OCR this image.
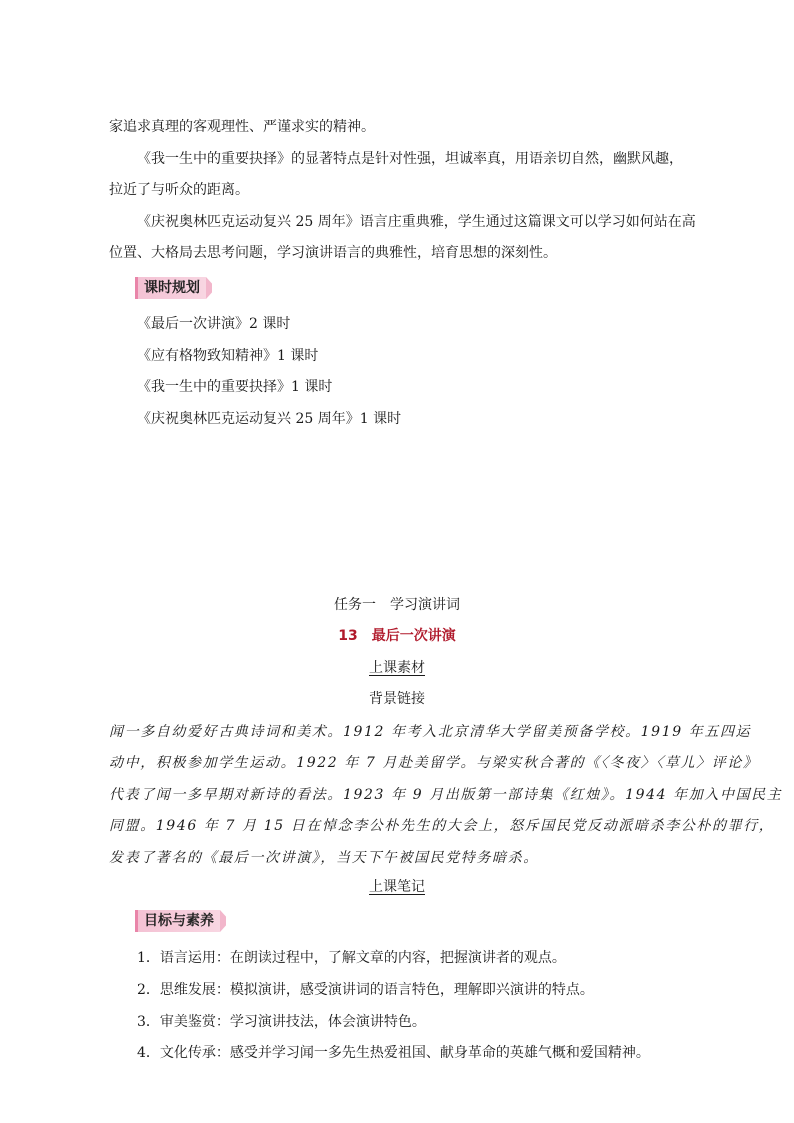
家追求真理的客观理性、严谨求实的精神。
《我一生中的重要抉择》的显著特点是针对性强，坦诚率真，用语亲切自然，幽默风趣，
拉近了与听众的距离。
《庆祝奥林匹克运动复兴 25 周年》语言庄重典雅，学生通过这篇课文可以学习如何站在高
位置、大格局去思考问题，学习演讲语言的典雅性，培育思想的深刻性。
课时规划
《最后一次讲演》2 课时
《应有格物致知精神》1 课时
《我一生中的重要抉择》1 课时
《庆祝奥林匹克运动复兴 25 周年》1 课时
任务一　学习演讲词
13　最后一次讲演
上课素材
背景链接
闻一多自幼爱好古典诗词和美术。1912 年考入北京清华大学留美预备学校。1919 年五四运
动中，积极参加学生运动。1922 年 7 月赴美留学。与梁实秋合著的《〈冬夜〉〈草儿〉评论》
代表了闻一多早期对新诗的看法。1923 年 9 月出版第一部诗集《红烛》。1944 年加入中国民主
同盟。1946 年 7 月 15 日在悼念李公朴先生的大会上，怒斥国民党反动派暗杀李公朴的罪行，
发表了著名的《最后一次讲演》，当天下午被国民党特务暗杀。
上课笔记
目标与素养
1．语言运用：在朗读过程中，了解文章的内容，把握演讲者的观点。
2．思维发展：模拟演讲，感受演讲词的语言特色，理解即兴演讲的特点。
3．审美鉴赏：学习演讲技法，体会演讲特色。
4．文化传承：感受并学习闻一多先生热爱祖国、献身革命的英雄气概和爱国精神。
